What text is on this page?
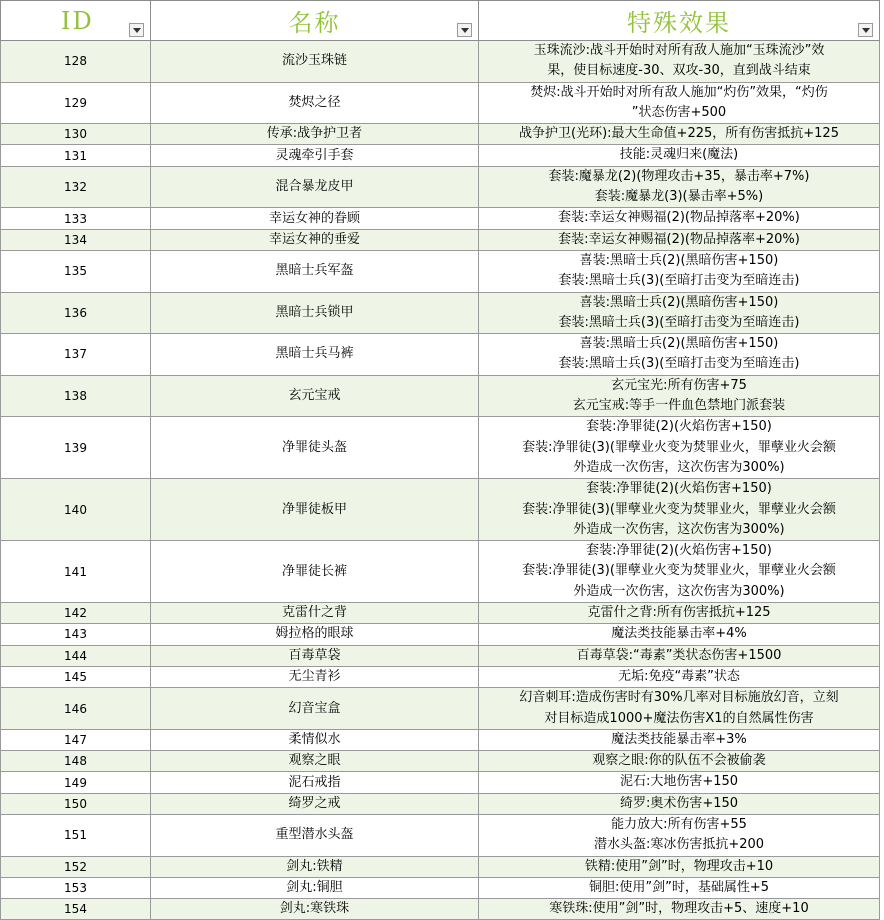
ID	名称	特殊效果

128	流沙玉珠链	玉珠流沙:战斗开始时对所有敌人施加“玉珠流沙”效
果，使目标速度-30、双攻-30，直到战斗结束

129	焚烬之径	焚烬:战斗开始时对所有敌人施加“灼伤”效果，“灼伤
”状态伤害+500

130	传承:战争护卫者	战争护卫(光环):最大生命值+225，所有伤害抵抗+125

131	灵魂牵引手套	技能:灵魂归来(魔法)

132	混合暴龙皮甲	套装:魔暴龙(2)(物理攻击+35，暴击率+7%)
套装:魔暴龙(3)(暴击率+5%)

133	幸运女神的眷顾	套装:幸运女神赐福(2)(物品掉落率+20%)

134	幸运女神的垂爱	套装:幸运女神赐福(2)(物品掉落率+20%)

135	黑暗士兵军盔	喜装:黑暗士兵(2)(黑暗伤害+150)
套装:黑暗士兵(3)(至暗打击变为至暗连击)

136	黑暗士兵锁甲	喜装:黑暗士兵(2)(黑暗伤害+150)
套装:黑暗士兵(3)(至暗打击变为至暗连击)

137	黑暗士兵马裤	喜装:黑暗士兵(2)(黑暗伤害+150)
套装:黑暗士兵(3)(至暗打击变为至暗连击)

138	玄元宝戒	玄元宝光:所有伤害+75
玄元宝戒:等手一件血色禁地门派套装

139	净罪徒头盔	套装:净罪徒(2)(火焰伤害+150)
套装:净罪徒(3)(罪孽业火变为焚罪业火，罪孽业火会额
外造成一次伤害，这次伤害为300%)

140	净罪徒板甲	套装:净罪徒(2)(火焰伤害+150)
套装:净罪徒(3)(罪孽业火变为焚罪业火，罪孽业火会额
外造成一次伤害，这次伤害为300%)

141	净罪徒长裤	套装:净罪徒(2)(火焰伤害+150)
套装:净罪徒(3)(罪孽业火变为焚罪业火，罪孽业火会额
外造成一次伤害，这次伤害为300%)

142	克雷什之背	克雷什之背:所有伤害抵抗+125

143	姆拉格的眼球	魔法类技能暴击率+4%

144	百毒草袋	百毒草袋:“毒素”类状态伤害+1500

145	无尘青衫	无垢:免疫“毒素”状态

146	幻音宝盒	幻音刺耳:造成伤害时有30%几率对目标施放幻音，立刻
对目标造成1000+魔法伤害X1的自然属性伤害

147	柔情似水	魔法类技能暴击率+3%

148	观察之眼	观察之眼:你的队伍不会被偷袭

149	泥石戒指	泥石:大地伤害+150

150	绮罗之戒	绮罗:奥术伤害+150

151	重型潜水头盔	能力放大:所有伤害+55
潜水头盔:寒冰伤害抵抗+200

152	剑丸:铁精	铁精:使用”剑”时，物理攻击+10

153	剑丸:铜胆	铜胆:使用”剑”时，基础属性+5

154	剑丸:寒铁珠	寒铁珠:使用”剑”时，物理攻击+5、速度+10
